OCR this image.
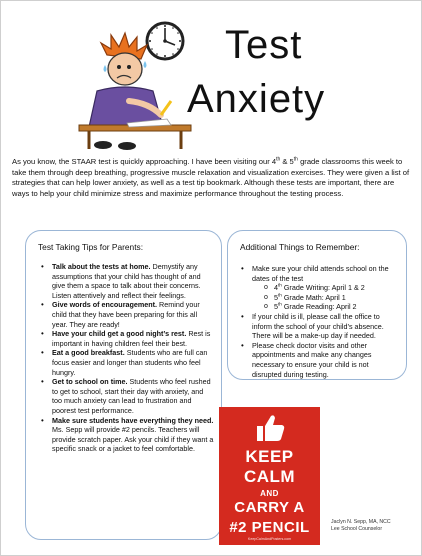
Test
Anxiety
As you know, the STAAR test is quickly approaching. I have been visiting our 4th & 5th grade classrooms this week to take them through deep breathing, progressive muscle relaxation and visualization exercises. They were given a list of strategies that can help lower anxiety, as well as a test tip bookmark. Although these tests are important, there are ways to help your child minimize stress and maximize performance throughout the testing process.
Test Taking Tips for Parents:
• Talk about the tests at home. Demystify any assumptions that your child has thought of and give them a space to talk about their concerns. Listen attentively and reflect their feelings.
• Give words of encouragement. Remind your child that they have been preparing for this all year. They are ready!
• Have your child get a good night’s rest. Rest is important in having children feel their best.
• Eat a good breakfast. Students who are full can focus easier and longer than students who feel hungry.
• Get to school on time. Students who feel rushed to get to school, start their day with anxiety, and too much anxiety can lead to frustration and poorest test performance.
• Make sure students have everything they need. Ms. Sepp will provide #2 pencils. Teachers will provide scratch paper. Ask your child if they want a specific snack or a jacket to feel comfortable.
Additional Things to Remember:
• Make sure your child attends school on the dates of the test
o 4th Grade Writing: April 1 & 2
o 5th Grade Math: April 1
o 5th Grade Reading: April 2
• If your child is ill, please call the office to inform the school of your child’s absence. There will be a make-up day if needed.
• Please check doctor visits and other appointments and make any changes necessary to ensure your child is not disrupted during testing.
KEEP
CALM
AND
CARRY A
#2 PENCIL
KeepCalmAndPosters.com
Jaclyn N. Sepp, MA, NCC
Lee School Counselor
